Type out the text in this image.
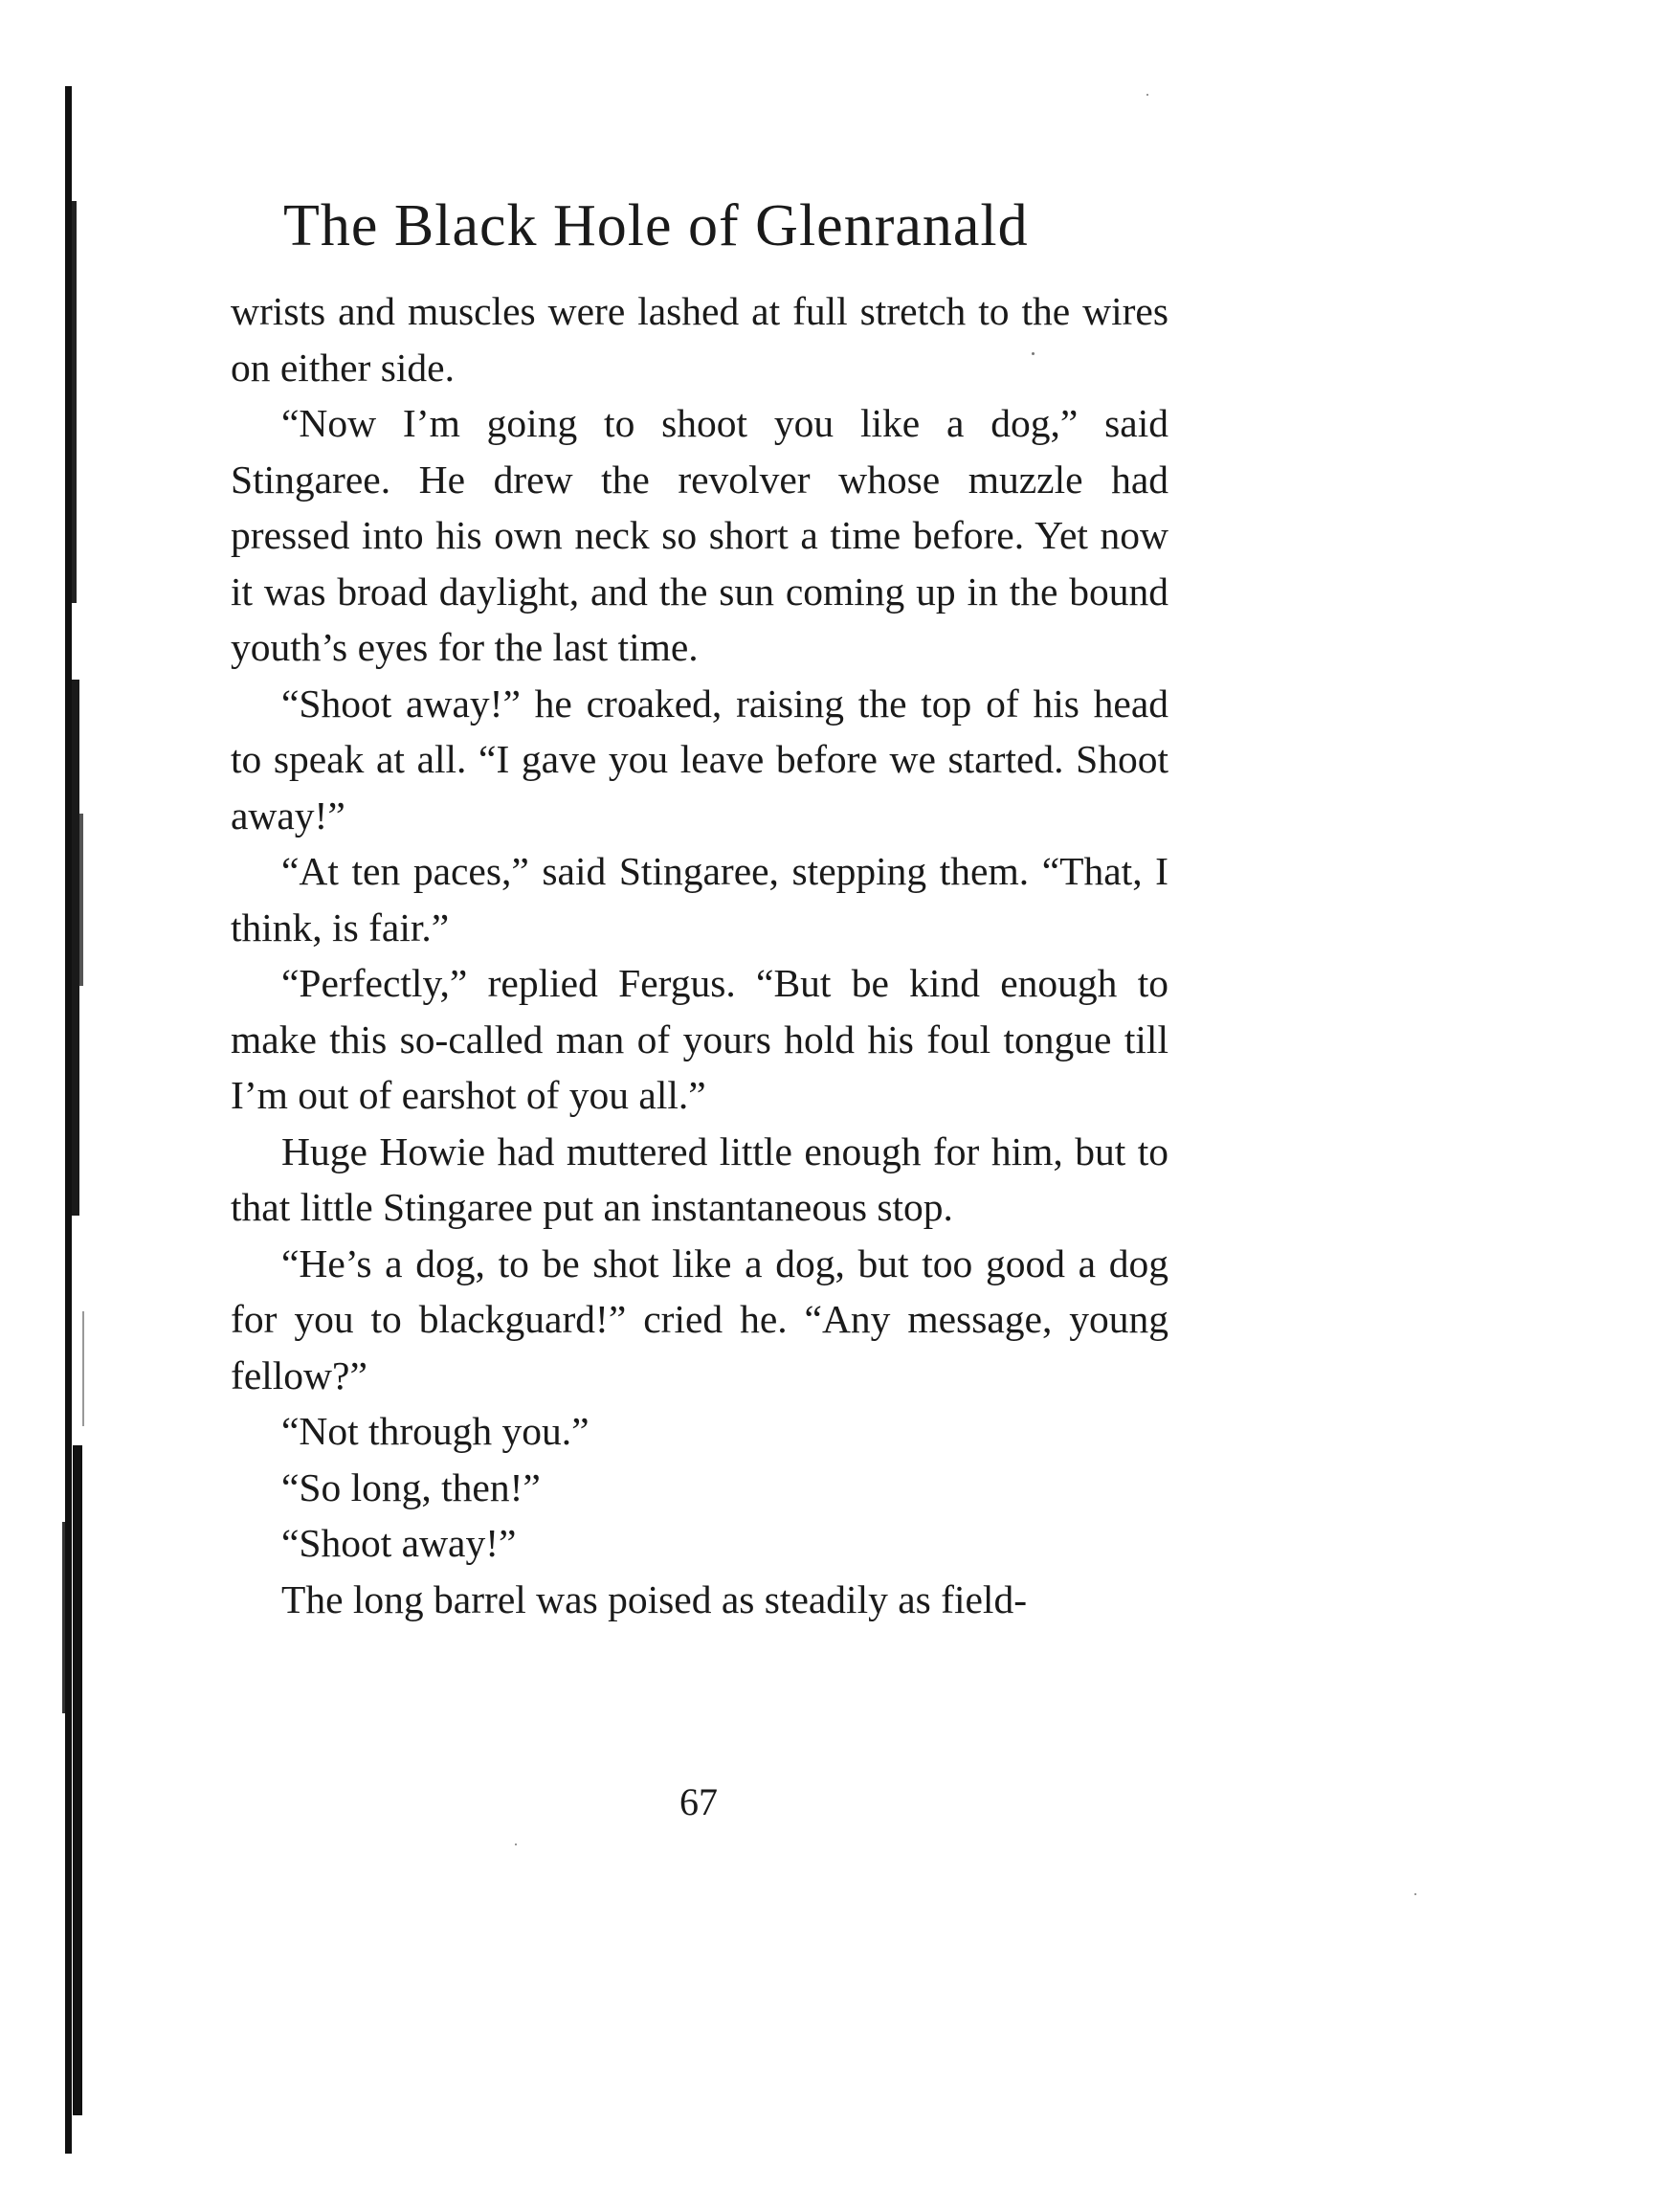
The Black Hole of Glenranald

wrists and muscles were lashed at full stretch to the wires on either side.

“Now I’m going to shoot you like a dog,” said Stingaree. He drew the revolver whose muzzle had pressed into his own neck so short a time before. Yet now it was broad daylight, and the sun coming up in the bound youth’s eyes for the last time.

“Shoot away!” he croaked, raising the top of his head to speak at all. “I gave you leave before we started. Shoot away!”

“At ten paces,” said Stingaree, stepping them. “That, I think, is fair.”

“Perfectly,” replied Fergus. “But be kind enough to make this so-called man of yours hold his foul tongue till I’m out of earshot of you all.”

Huge Howie had muttered little enough for him, but to that little Stingaree put an instantaneous stop.

“He’s a dog, to be shot like a dog, but too good a dog for you to blackguard!” cried he. “Any message, young fellow?”

“Not through you.”

“So long, then!”

“Shoot away!”

The long barrel was poised as steadily as field-

67
